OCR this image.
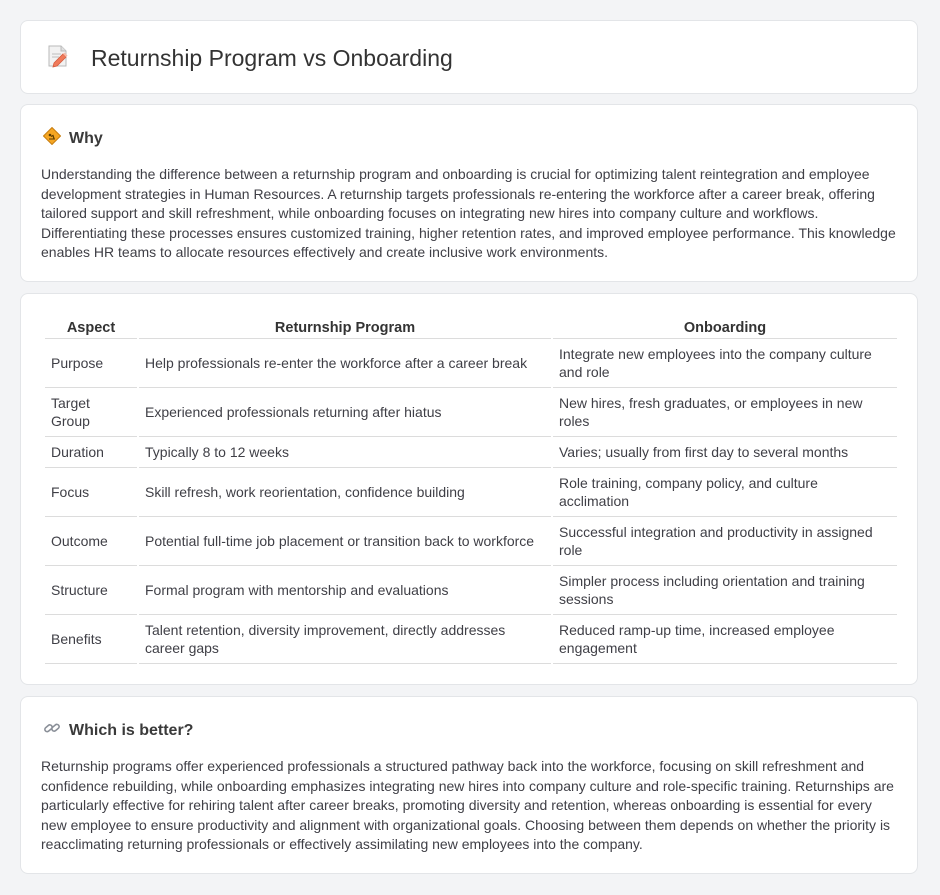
Returnship Program vs Onboarding
Why

Understanding the difference between a returnship program and onboarding is crucial for optimizing talent reintegration and employee development strategies in Human Resources. A returnship targets professionals re-entering the workforce after a career break, offering tailored support and skill refreshment, while onboarding focuses on integrating new hires into company culture and workflows. Differentiating these processes ensures customized training, higher retention rates, and improved employee performance. This knowledge enables HR teams to allocate resources effectively and create inclusive work environments.

Aspect	Returnship Program	Onboarding
Purpose	Help professionals re-enter the workforce after a career break	Integrate new employees into the company culture and role
Target Group	Experienced professionals returning after hiatus	New hires, fresh graduates, or employees in new roles
Duration	Typically 8 to 12 weeks	Varies; usually from first day to several months
Focus	Skill refresh, work reorientation, confidence building	Role training, company policy, and culture acclimation
Outcome	Potential full-time job placement or transition back to workforce	Successful integration and productivity in assigned role
Structure	Formal program with mentorship and evaluations	Simpler process including orientation and training sessions
Benefits	Talent retention, diversity improvement, directly addresses career gaps	Reduced ramp-up time, increased employee engagement
Which is better?

Returnship programs offer experienced professionals a structured pathway back into the workforce, focusing on skill refreshment and confidence rebuilding, while onboarding emphasizes integrating new hires into company culture and role-specific training. Returnships are particularly effective for rehiring talent after career breaks, promoting diversity and retention, whereas onboarding is essential for every new employee to ensure productivity and alignment with organizational goals. Choosing between them depends on whether the priority is reacclimating returning professionals or effectively assimilating new employees into the company.
